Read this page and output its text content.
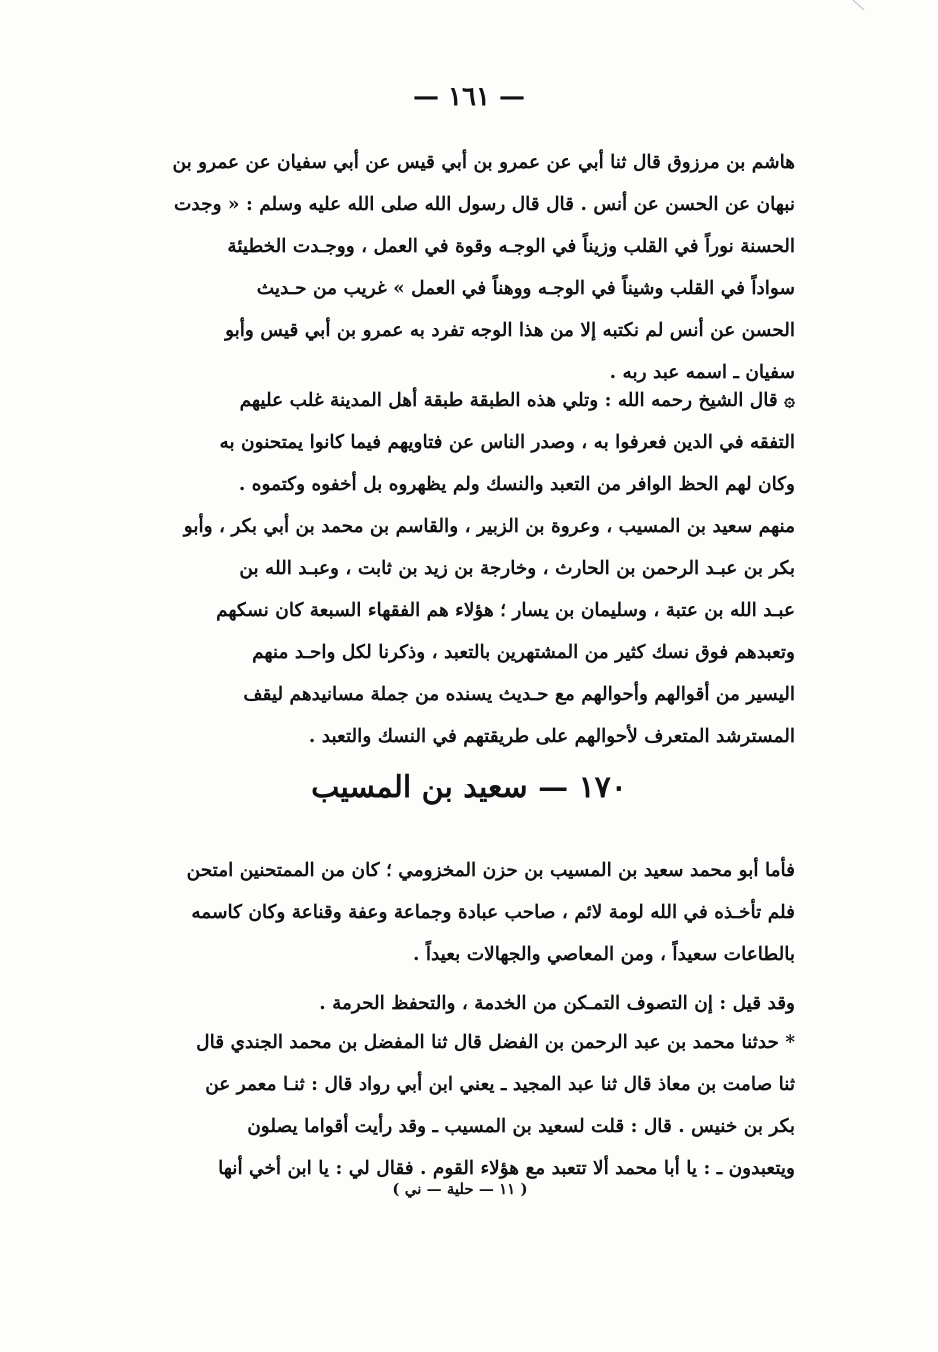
— ١٦١ —
هاشم بن مرزوق قال ثنا أبي عن عمرو بن أبي قيس عن أبي سفيان عن عمرو بن
نبهان عن الحسن عن أنس . قال قال رسول الله صلى الله عليه وسلم : « وجدت
الحسنة نوراً في القلب وزيناً في الوجـه وقوة في العمل ، ووجـدت الخطيئة
سواداً في القلب وشيناً في الوجـه ووهناً في العمل » غريب من حـديث
الحسن عن أنس لم نكتبه إلا من هذا الوجه تفرد به عمرو بن أبي قيس وأبو
سفيان ـ اسمه عبد ربه .
۞ قال الشيخ رحمه الله : وتلي هذه الطبقة طبقة أهل المدينة غلب عليهم
التفقه في الدين فعرفوا به ، وصدر الناس عن فتاويهم فيما كانوا يمتحنون به
وكان لهم الحظ الوافر من التعبد والنسك ولم يظهروه بل أخفوه وكتموه .
منهم سعيد بن المسيب ، وعروة بن الزبير ، والقاسم بن محمد بن أبي بكر ، وأبو
بكر بن عبـد الرحمن بن الحارث ، وخارجة بن زيد بن ثابت ، وعبـد الله بن
عبـد الله بن عتبة ، وسليمان بن يسار ؛ هؤلاء هم الفقهاء السبعة كان نسكهم
وتعبدهم فوق نسك كثير من المشتهرين بالتعبد ، وذكرنا لكل واحـد منهم
اليسير من أقوالهم وأحوالهم مع حـديث يسنده من جملة مسانيدهم ليقف
المسترشد المتعرف لأحوالهم على طريقتهم في النسك والتعبد .
١٧٠ — سعيد بن المسيب
فأما أبو محمد سعيد بن المسيب بن حزن المخزومي ؛ كان من الممتحنين امتحن
فلم تأخـذه في الله لومة لائم ، صاحب عبادة وجماعة وعفة وقناعة وكان كاسمه
بالطاعات سعيداً ، ومن المعاصي والجهالات بعيداً .
وقد قيل : إن التصوف التمـكن من الخدمة ، والتحفظ الحرمة .
* حدثنا محمد بن عبد الرحمن بن الفضل قال ثنا المفضل بن محمد الجندي قال
ثنا صامت بن معاذ قال ثنا عبد المجيد ـ يعني ابن أبي رواد قال : ثنـا معمر عن
بكر بن خنيس . قال : قلت لسعيد بن المسيب ـ وقد رأيت أقواما يصلون
ويتعبدون ـ : يا أبا محمد ألا تتعبد مع هؤلاء القوم . فقال لي : يا ابن أخي أنها
( ١١ — حلية — ني )
